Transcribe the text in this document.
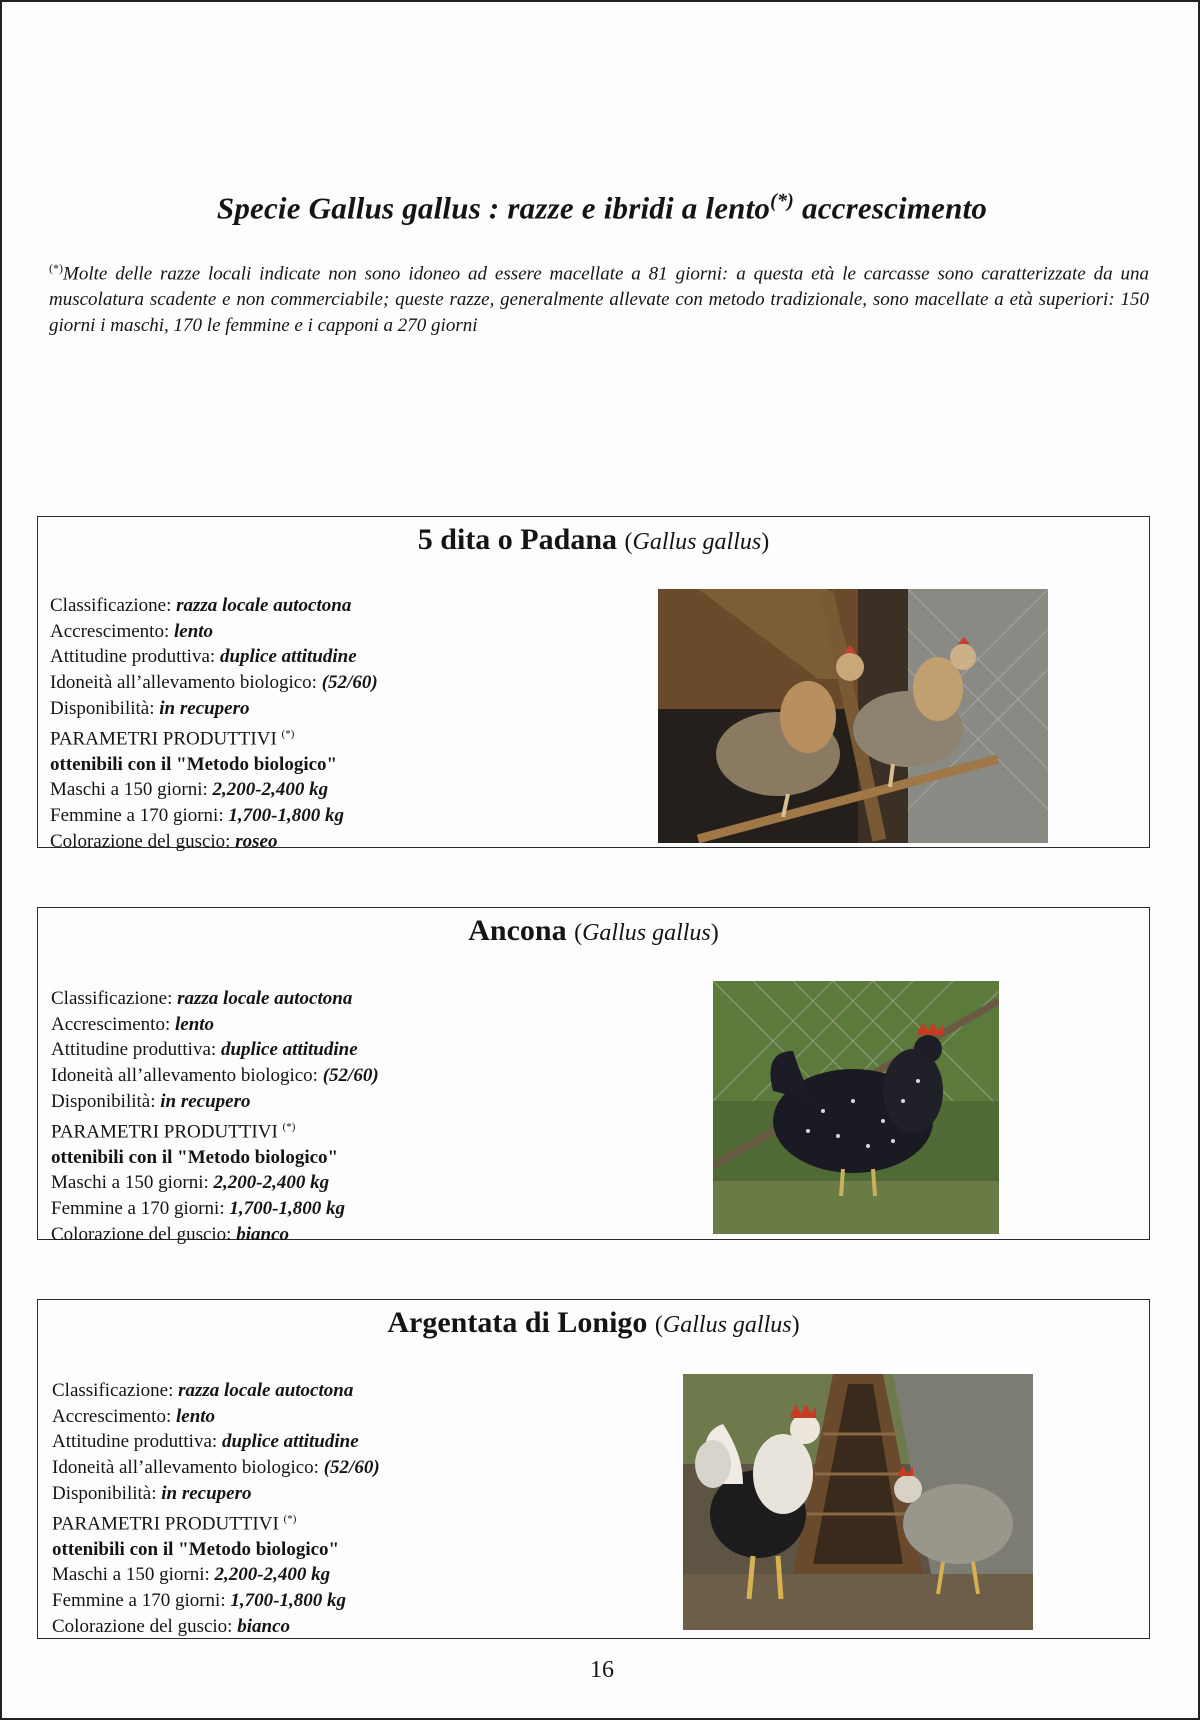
Specie Gallus gallus : razze e ibridi a lento(*) accrescimento
(*)Molte delle razze locali indicate non sono idoneo ad essere macellate a 81 giorni: a questa età le carcasse sono caratterizzate da una muscolatura scadente e non commerciabile; queste razze, generalmente allevate con metodo tradizionale, sono macellate a età superiori: 150 giorni i maschi, 170 le femmine e i capponi a 270 giorni
5 dita o Padana (Gallus gallus)
Classificazione: razza locale autoctona
Accrescimento: lento
Attitudine produttiva: duplice attitudine
Idoneità all’allevamento biologico: (52/60)
Disponibilità: in recupero
PARAMETRI PRODUTTIVI (*)
ottenibili con il "Metodo biologico"
Maschi a 150 giorni: 2,200-2,400 kg
Femmine a 170 giorni: 1,700-1,800 kg
Colorazione del guscio: roseo
Ancona (Gallus gallus)
Classificazione: razza locale autoctona
Accrescimento: lento
Attitudine produttiva: duplice attitudine
Idoneità all’allevamento biologico: (52/60)
Disponibilità: in recupero
PARAMETRI PRODUTTIVI (*)
ottenibili con il "Metodo biologico"
Maschi a 150 giorni: 2,200-2,400 kg
Femmine a 170 giorni: 1,700-1,800 kg
Colorazione del guscio: bianco
Argentata di Lonigo (Gallus gallus)
Classificazione: razza locale autoctona
Accrescimento: lento
Attitudine produttiva: duplice attitudine
Idoneità all’allevamento biologico: (52/60)
Disponibilità: in recupero
PARAMETRI PRODUTTIVI (*)
ottenibili con il "Metodo biologico"
Maschi a 150 giorni: 2,200-2,400 kg
Femmine a 170 giorni: 1,700-1,800 kg
Colorazione del guscio: bianco
16
